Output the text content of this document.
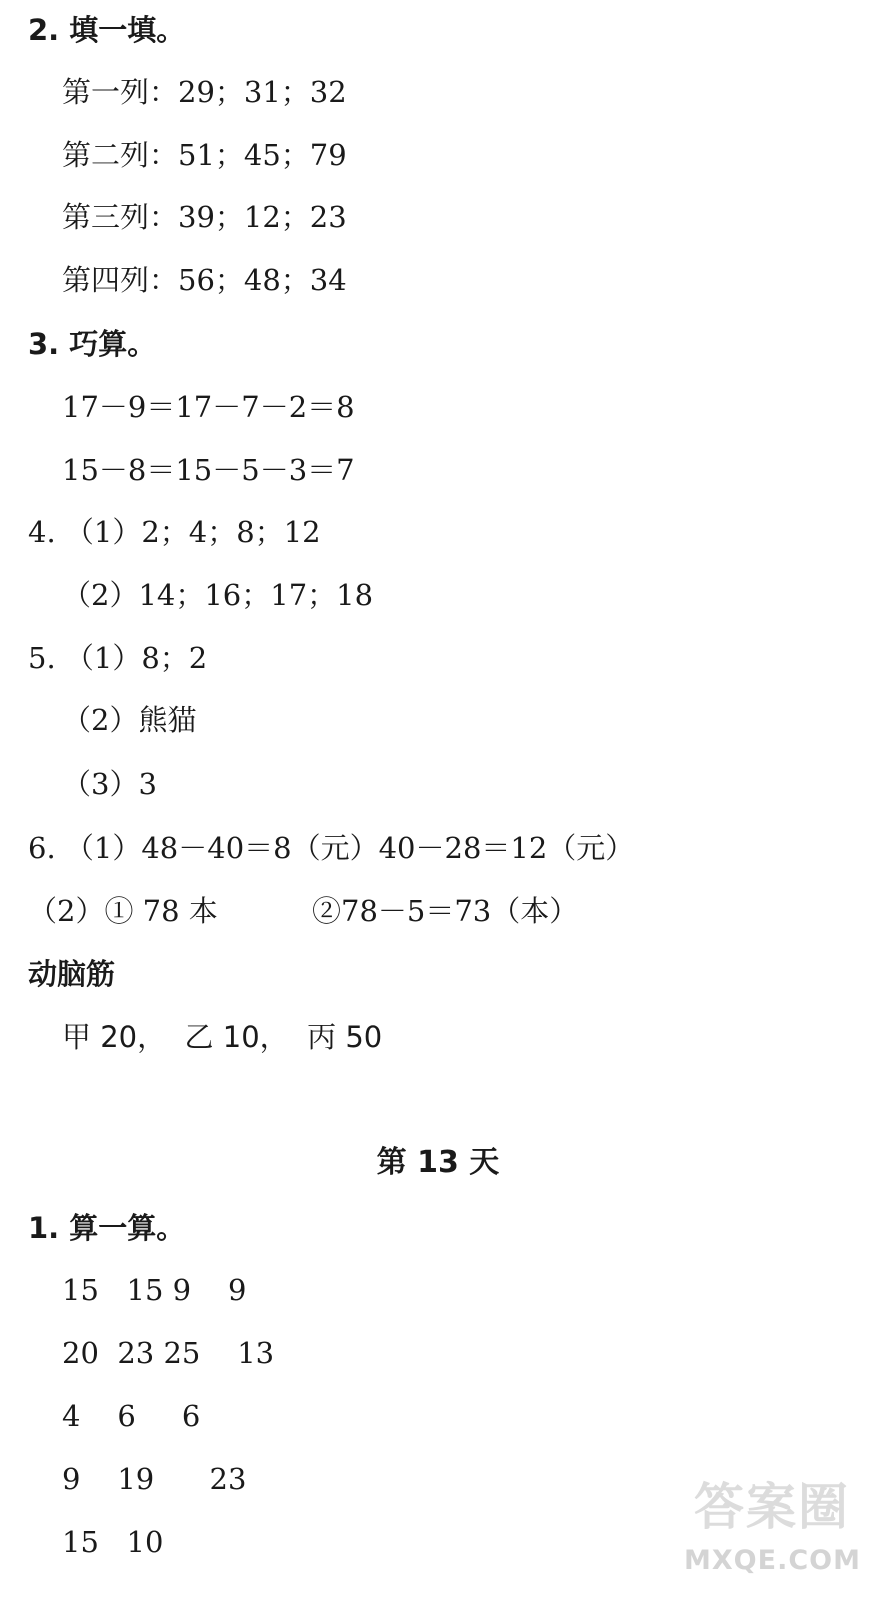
2. 填一填。
第一列：29；31；32
第二列：51；45；79
第三列：39；12；23
第四列：56；48；34
3. 巧算。
17－9＝17－7－2＝8
15－8＝15－5－3＝7
4. （1）2；4；8；12
（2）14；16；17；18
5. （1）8；2
（2）熊猫
（3）3
6. （1）48－40＝8（元）40－28＝12（元）
（2）① 78 本	②78－5＝73（本）
动脑筋
甲 20，  乙 10，  丙 50
第 13 天
1. 算一算。
15   15 9    9
20  23 25    13
4    6     6
9    19      23
15   10
答案圈
MXQE.COM
